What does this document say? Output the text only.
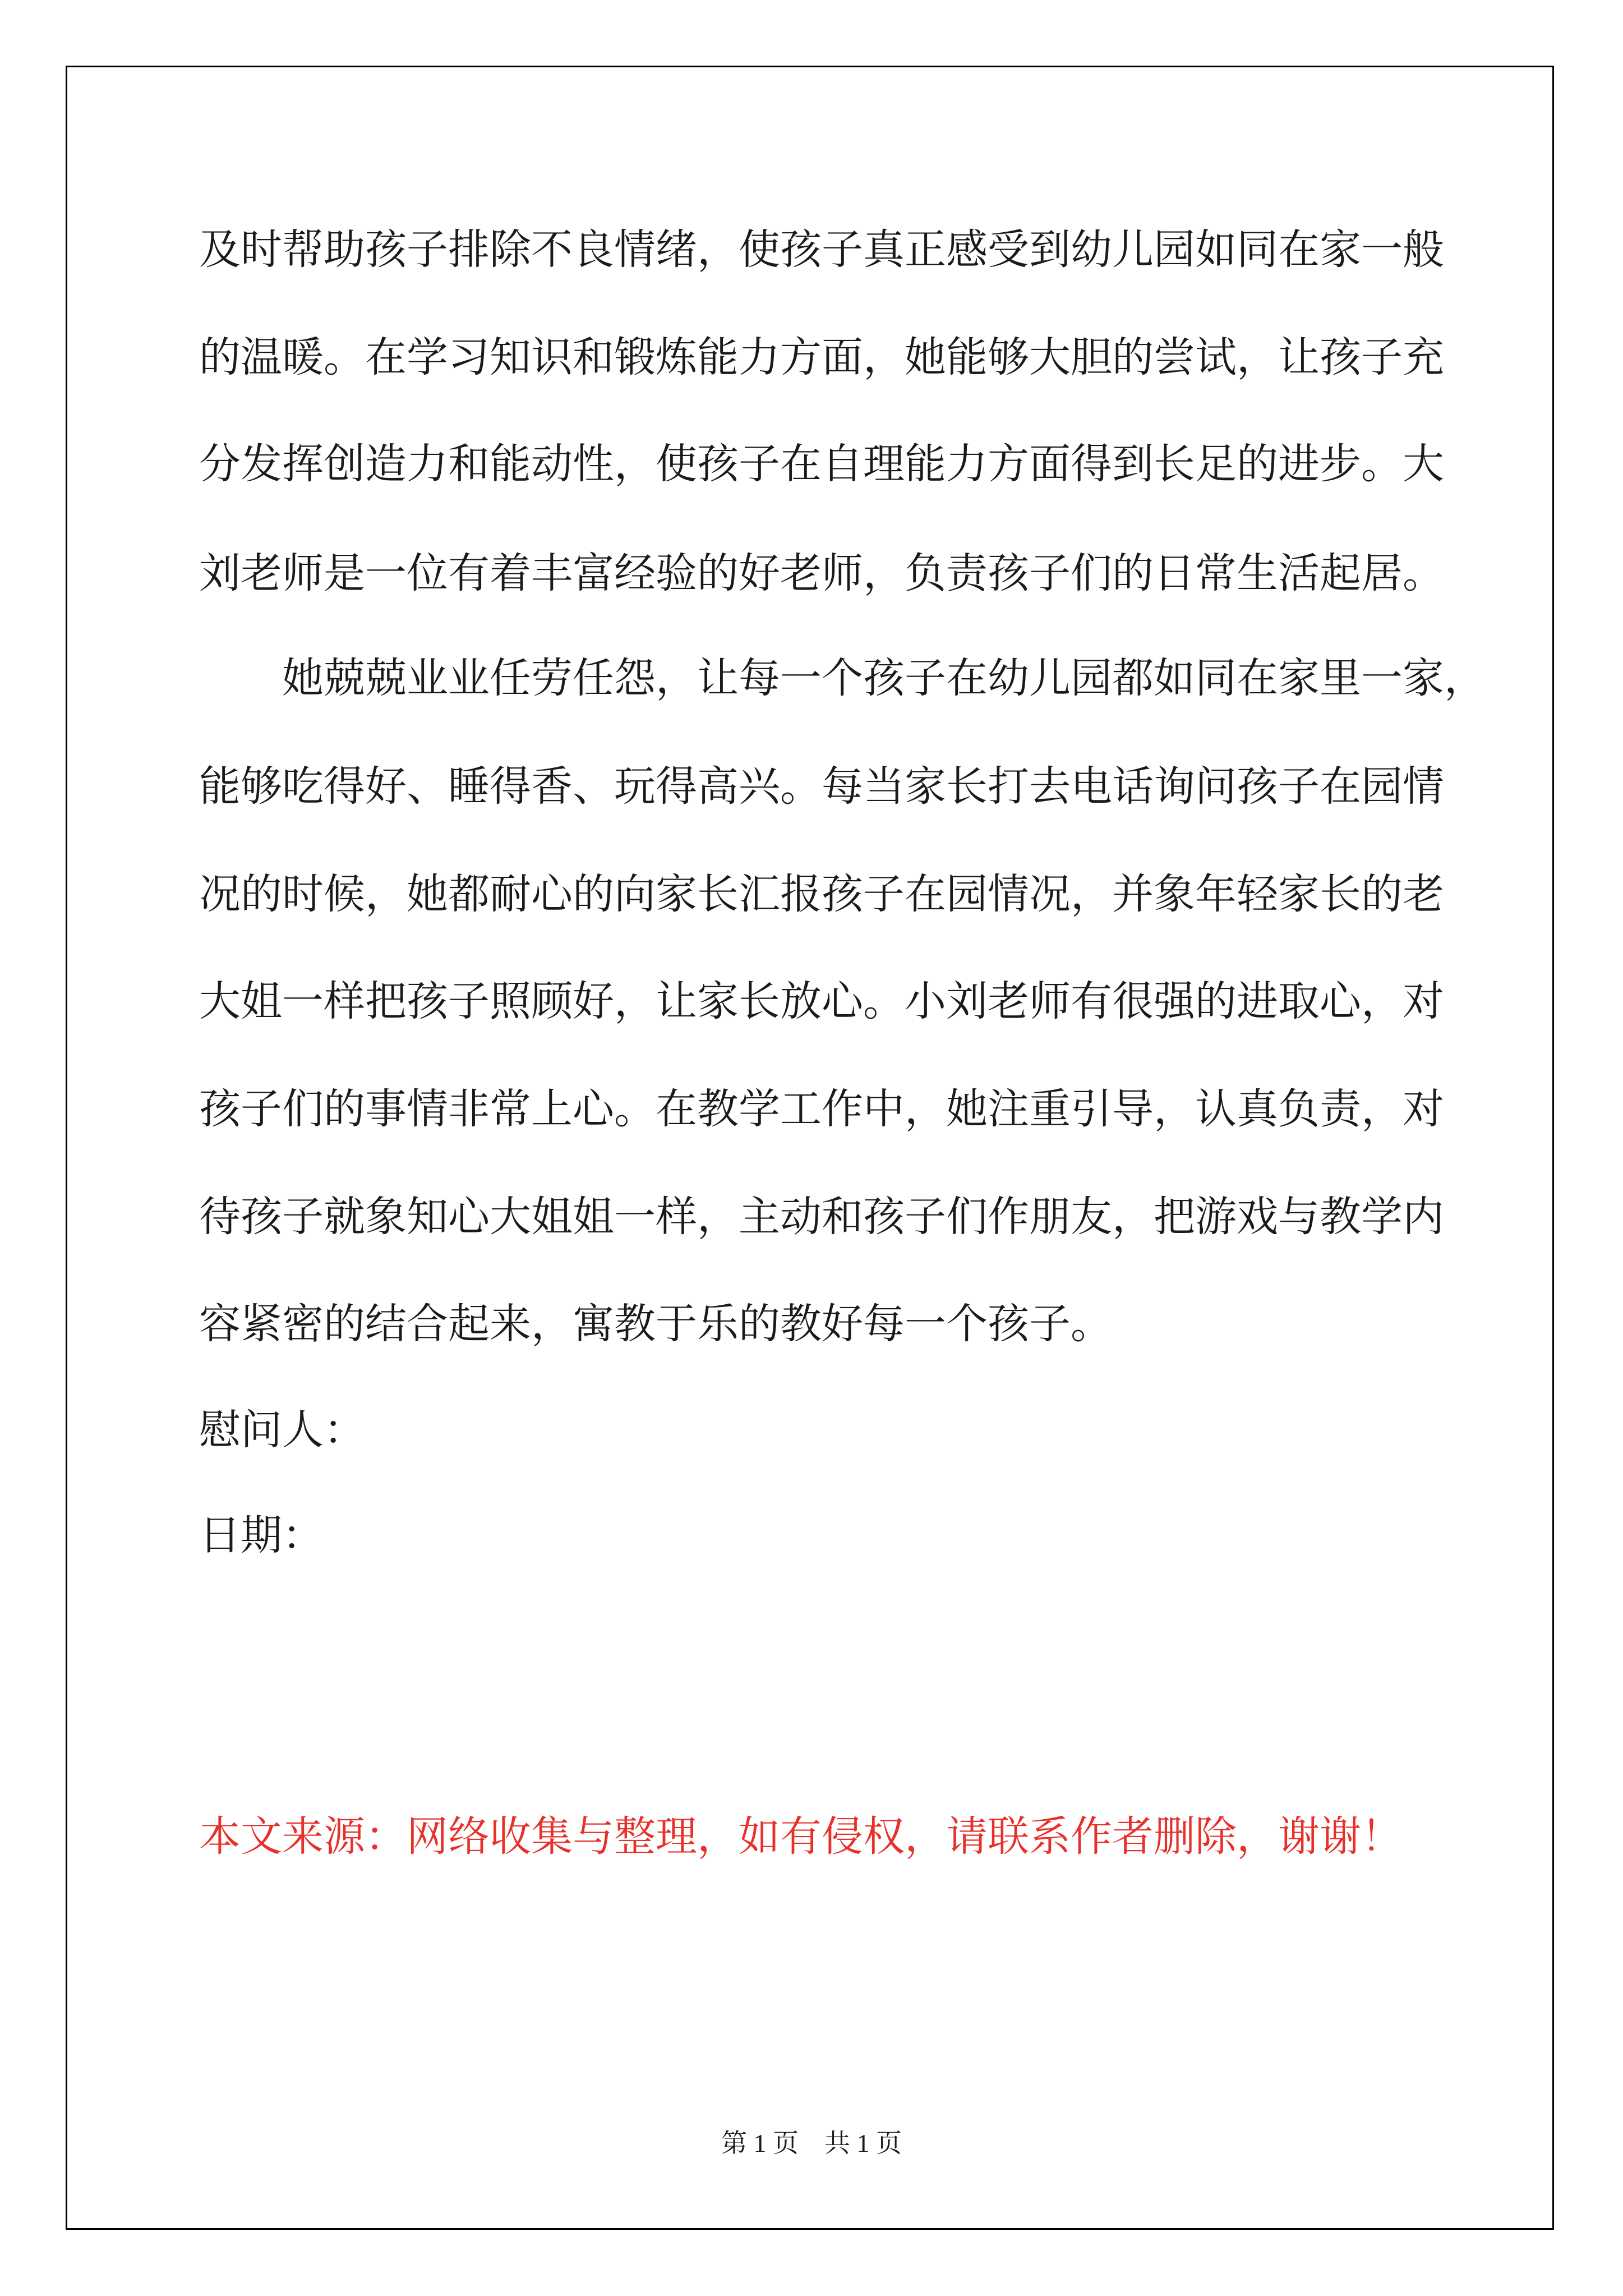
及时帮助孩子排除不良情绪，使孩子真正感受到幼儿园如同在家一般
的温暖。在学习知识和锻炼能力方面，她能够大胆的尝试，让孩子充
分发挥创造力和能动性，使孩子在自理能力方面得到长足的进步。大
刘老师是一位有着丰富经验的好老师，负责孩子们的日常生活起居。
　　她兢兢业业任劳任怨，让每一个孩子在幼儿园都如同在家里一家，
能够吃得好、睡得香、玩得高兴。每当家长打去电话询问孩子在园情
况的时候，她都耐心的向家长汇报孩子在园情况，并象年轻家长的老
大姐一样把孩子照顾好，让家长放心。小刘老师有很强的进取心，对
孩子们的事情非常上心。在教学工作中，她注重引导，认真负责，对
待孩子就象知心大姐姐一样，主动和孩子们作朋友，把游戏与教学内
容紧密的结合起来，寓教于乐的教好每一个孩子。
慰问人：
日期：
本文来源：网络收集与整理，如有侵权，请联系作者删除，谢谢！
第 1 页　共 1 页
